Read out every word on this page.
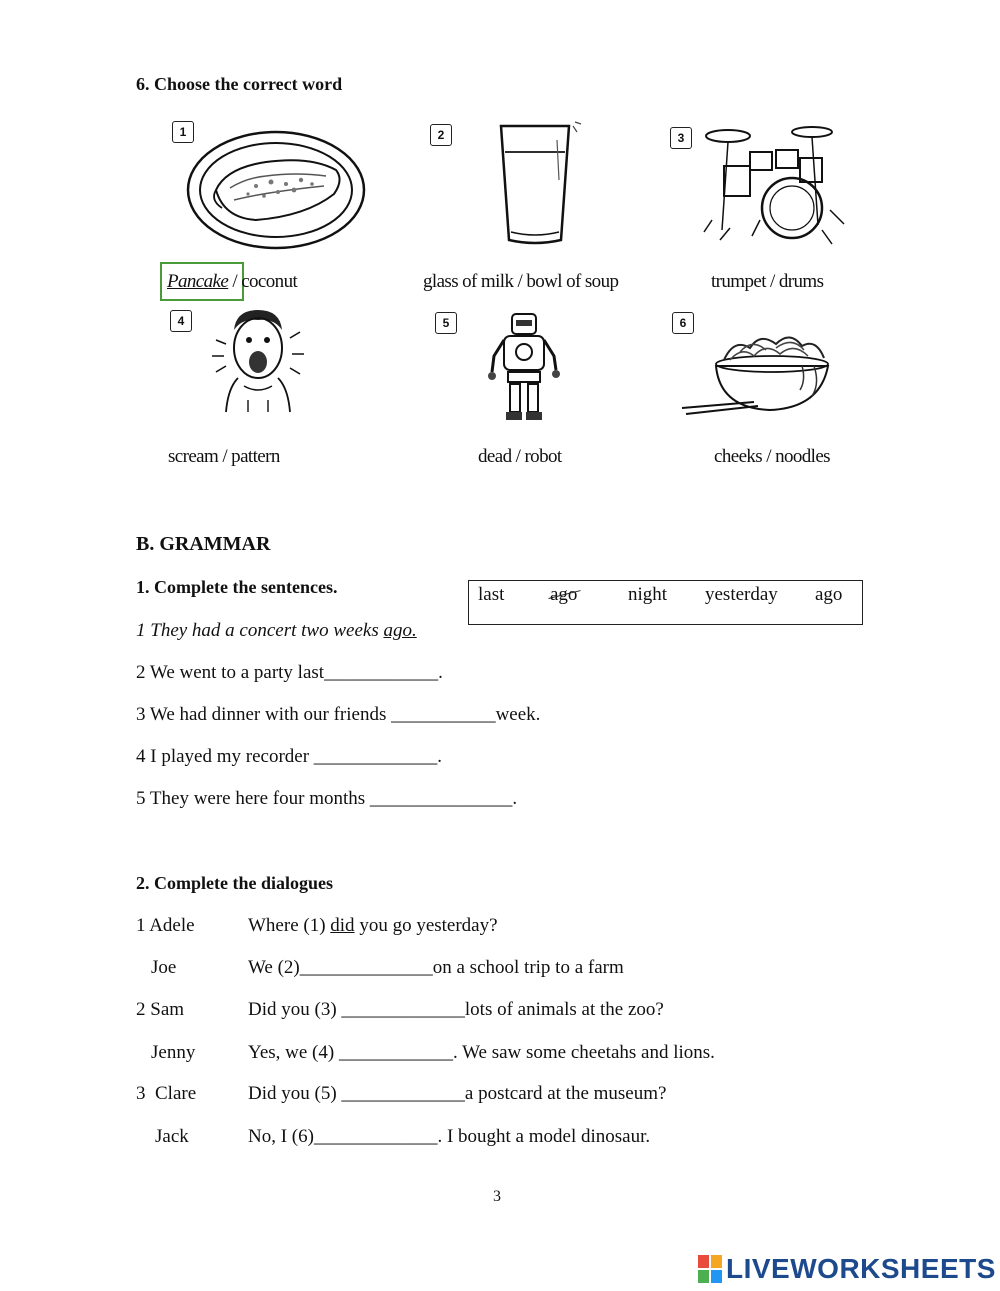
6. Choose the correct word
1
Pancake / coconut
2
glass of milk / bowl of soup
3
trumpet / drums
4
scream / pattern
5
dead / robot
6
cheeks / noodles
B. GRAMMAR
1. Complete the sentences.	last ago	night yesterday ago
1 They had a concert two weeks ago.
2 We went to a party last____________.
3 We had dinner with our friends ___________week.
4 I played my recorder _____________.
5 They were here four months _______________.
2. Complete the dialogues
1 Adele	Where (1) did you go yesterday?
Joe	We (2)______________on a school trip to a farm
2 Sam	Did you (3) _____________lots of animals at the zoo?
Jenny	Yes, we (4) ____________. We saw some cheetahs and lions.
3  Clare	Did you (5) _____________a postcard at the museum?
Jack	No, I (6)_____________. I bought a model dinosaur.
3
LIVEWORKSHEETS
